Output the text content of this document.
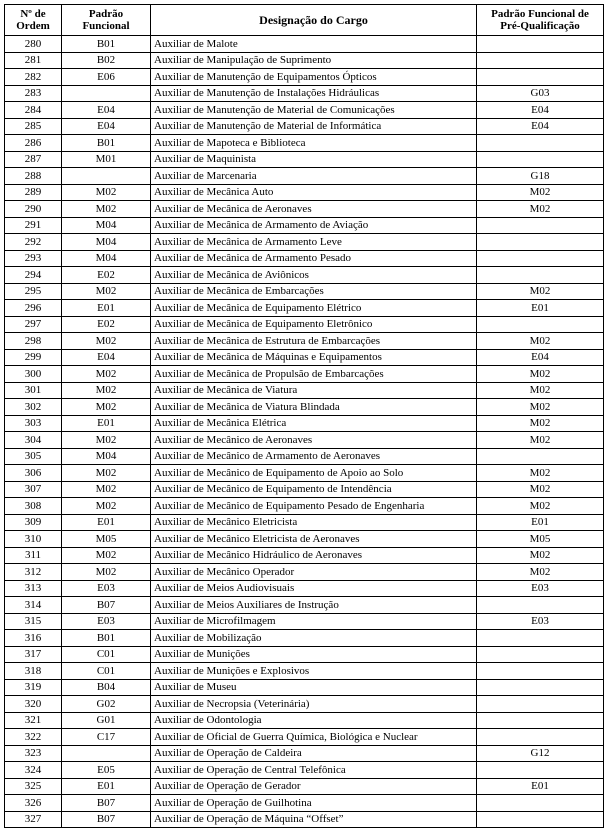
Nº de
Ordem	Padrão
Funcional	Designação do Cargo	Padrão Funcional de
Pré-Qualificação
280	B01	Auxiliar de Malote	
281	B02	Auxiliar de Manipulação de Suprimento	
282	E06	Auxiliar de Manutenção de Equipamentos Ópticos	
283		Auxiliar de Manutenção de Instalações Hidráulicas	G03
284	E04	Auxiliar de Manutenção de Material de Comunicações	E04
285	E04	Auxiliar de Manutenção de Material de Informática	E04
286	B01	Auxiliar de Mapoteca e Biblioteca	
287	M01	Auxiliar de Maquinista	
288		Auxiliar de Marcenaria	G18
289	M02	Auxiliar de Mecânica Auto	M02
290	M02	Auxiliar de Mecânica de Aeronaves	M02
291	M04	Auxiliar de Mecânica de Armamento de Aviação	
292	M04	Auxiliar de Mecânica de Armamento Leve	
293	M04	Auxiliar de Mecânica de Armamento Pesado	
294	E02	Auxiliar de Mecânica de Aviônicos	
295	M02	Auxiliar de Mecânica de Embarcações	M02
296	E01	Auxiliar de Mecânica de Equipamento Elétrico	E01
297	E02	Auxiliar de Mecânica de Equipamento Eletrônico	
298	M02	Auxiliar de Mecânica de Estrutura de Embarcações	M02
299	E04	Auxiliar de Mecânica de Máquinas e Equipamentos	E04
300	M02	Auxiliar de Mecânica de Propulsão de Embarcações	M02
301	M02	Auxiliar de Mecânica de Viatura	M02
302	M02	Auxiliar de Mecânica de Viatura Blindada	M02
303	E01	Auxiliar de Mecânica Elétrica	M02
304	M02	Auxiliar de Mecânico de Aeronaves	M02
305	M04	Auxiliar de Mecânico de Armamento de Aeronaves	
306	M02	Auxiliar de Mecânico de Equipamento de Apoio ao Solo	M02
307	M02	Auxiliar de Mecânico de Equipamento de Intendência	M02
308	M02	Auxiliar de Mecânico de Equipamento Pesado de Engenharia	M02
309	E01	Auxiliar de Mecânico Eletricista	E01
310	M05	Auxiliar de Mecânico Eletricista de Aeronaves	M05
311	M02	Auxiliar de Mecânico Hidráulico de Aeronaves	M02
312	M02	Auxiliar de Mecânico Operador	M02
313	E03	Auxiliar de Meios Audiovisuais	E03
314	B07	Auxiliar de Meios Auxiliares de Instrução	
315	E03	Auxiliar de Microfilmagem	E03
316	B01	Auxiliar de Mobilização	
317	C01	Auxiliar de Munições	
318	C01	Auxiliar de Munições e Explosivos	
319	B04	Auxiliar de Museu	
320	G02	Auxiliar de Necropsia (Veterinária)	
321	G01	Auxiliar de Odontologia	
322	C17	Auxiliar de Oficial de Guerra Química, Biológica e Nuclear	
323		Auxiliar de Operação de Caldeira	G12
324	E05	Auxiliar de Operação de Central Telefônica	
325	E01	Auxiliar de Operação de Gerador	E01
326	B07	Auxiliar de Operação de Guilhotina	
327	B07	Auxiliar de Operação de Máquina “Offset”	
